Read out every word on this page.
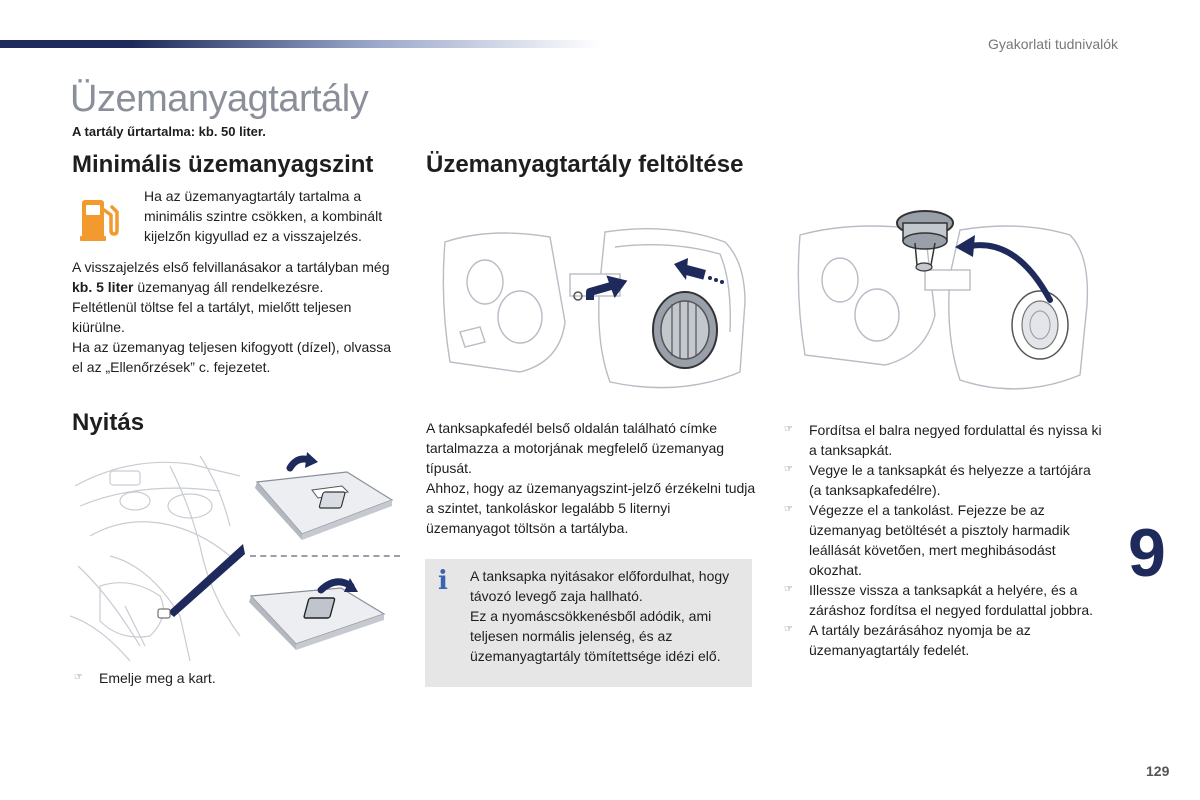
Gyakorlati tudnivalók
Üzemanyagtartály
A tartály űrtartalma: kb. 50 liter.
Minimális üzemanyagszint
Ha az üzemanyagtartály tartalma a minimális szintre csökken, a kombinált kijelzőn kigyullad ez a visszajelzés.

A visszajelzés első felvillanásakor a tartályban még kb. 5 liter üzemanyag áll rendelkezésre.

Feltétlenül töltse fel a tartályt, mielőtt teljesen kiürülne.

Ha az üzemanyag teljesen kifogyott (dízel), olvassa el az „Ellenőrzések” c. fejezetet.

Nyitás
☞ Emelje meg a kart.
Üzemanyagtartály feltöltése

A tanksapkafedél belső oldalán található címke tartalmazza a motorjának megfelelő üzemanyag típusát.

Ahhoz, hogy az üzemanyagszint-jelző érzékelni tudja a szintet, tankoláskor legalább 5 liternyi üzemanyagot töltsön a tartályba.

i A tanksapka nyitásakor előfordulhat, hogy távozó levegő zaja hallható.

Ez a nyomáscsökkenésből adódik, ami teljesen normális jelenség, és az üzemanyagtartály tömítettsége idézi elő.

☞ Fordítsa el balra negyed fordulattal és nyissa ki a tanksapkát.
☞ Vegye le a tanksapkát és helyezze a tartójára (a tanksapkafedélre).
☞ Végezze el a tankolást. Fejezze be az üzemanyag betöltését a pisztoly harmadik leállását követően, mert meghibásodást okozhat.
☞ Illessze vissza a tanksapkát a helyére, és a záráshoz fordítsa el negyed fordulattal jobbra.
☞ A tartály bezárásához nyomja be az üzemanyagtartály fedelét.
9
129
